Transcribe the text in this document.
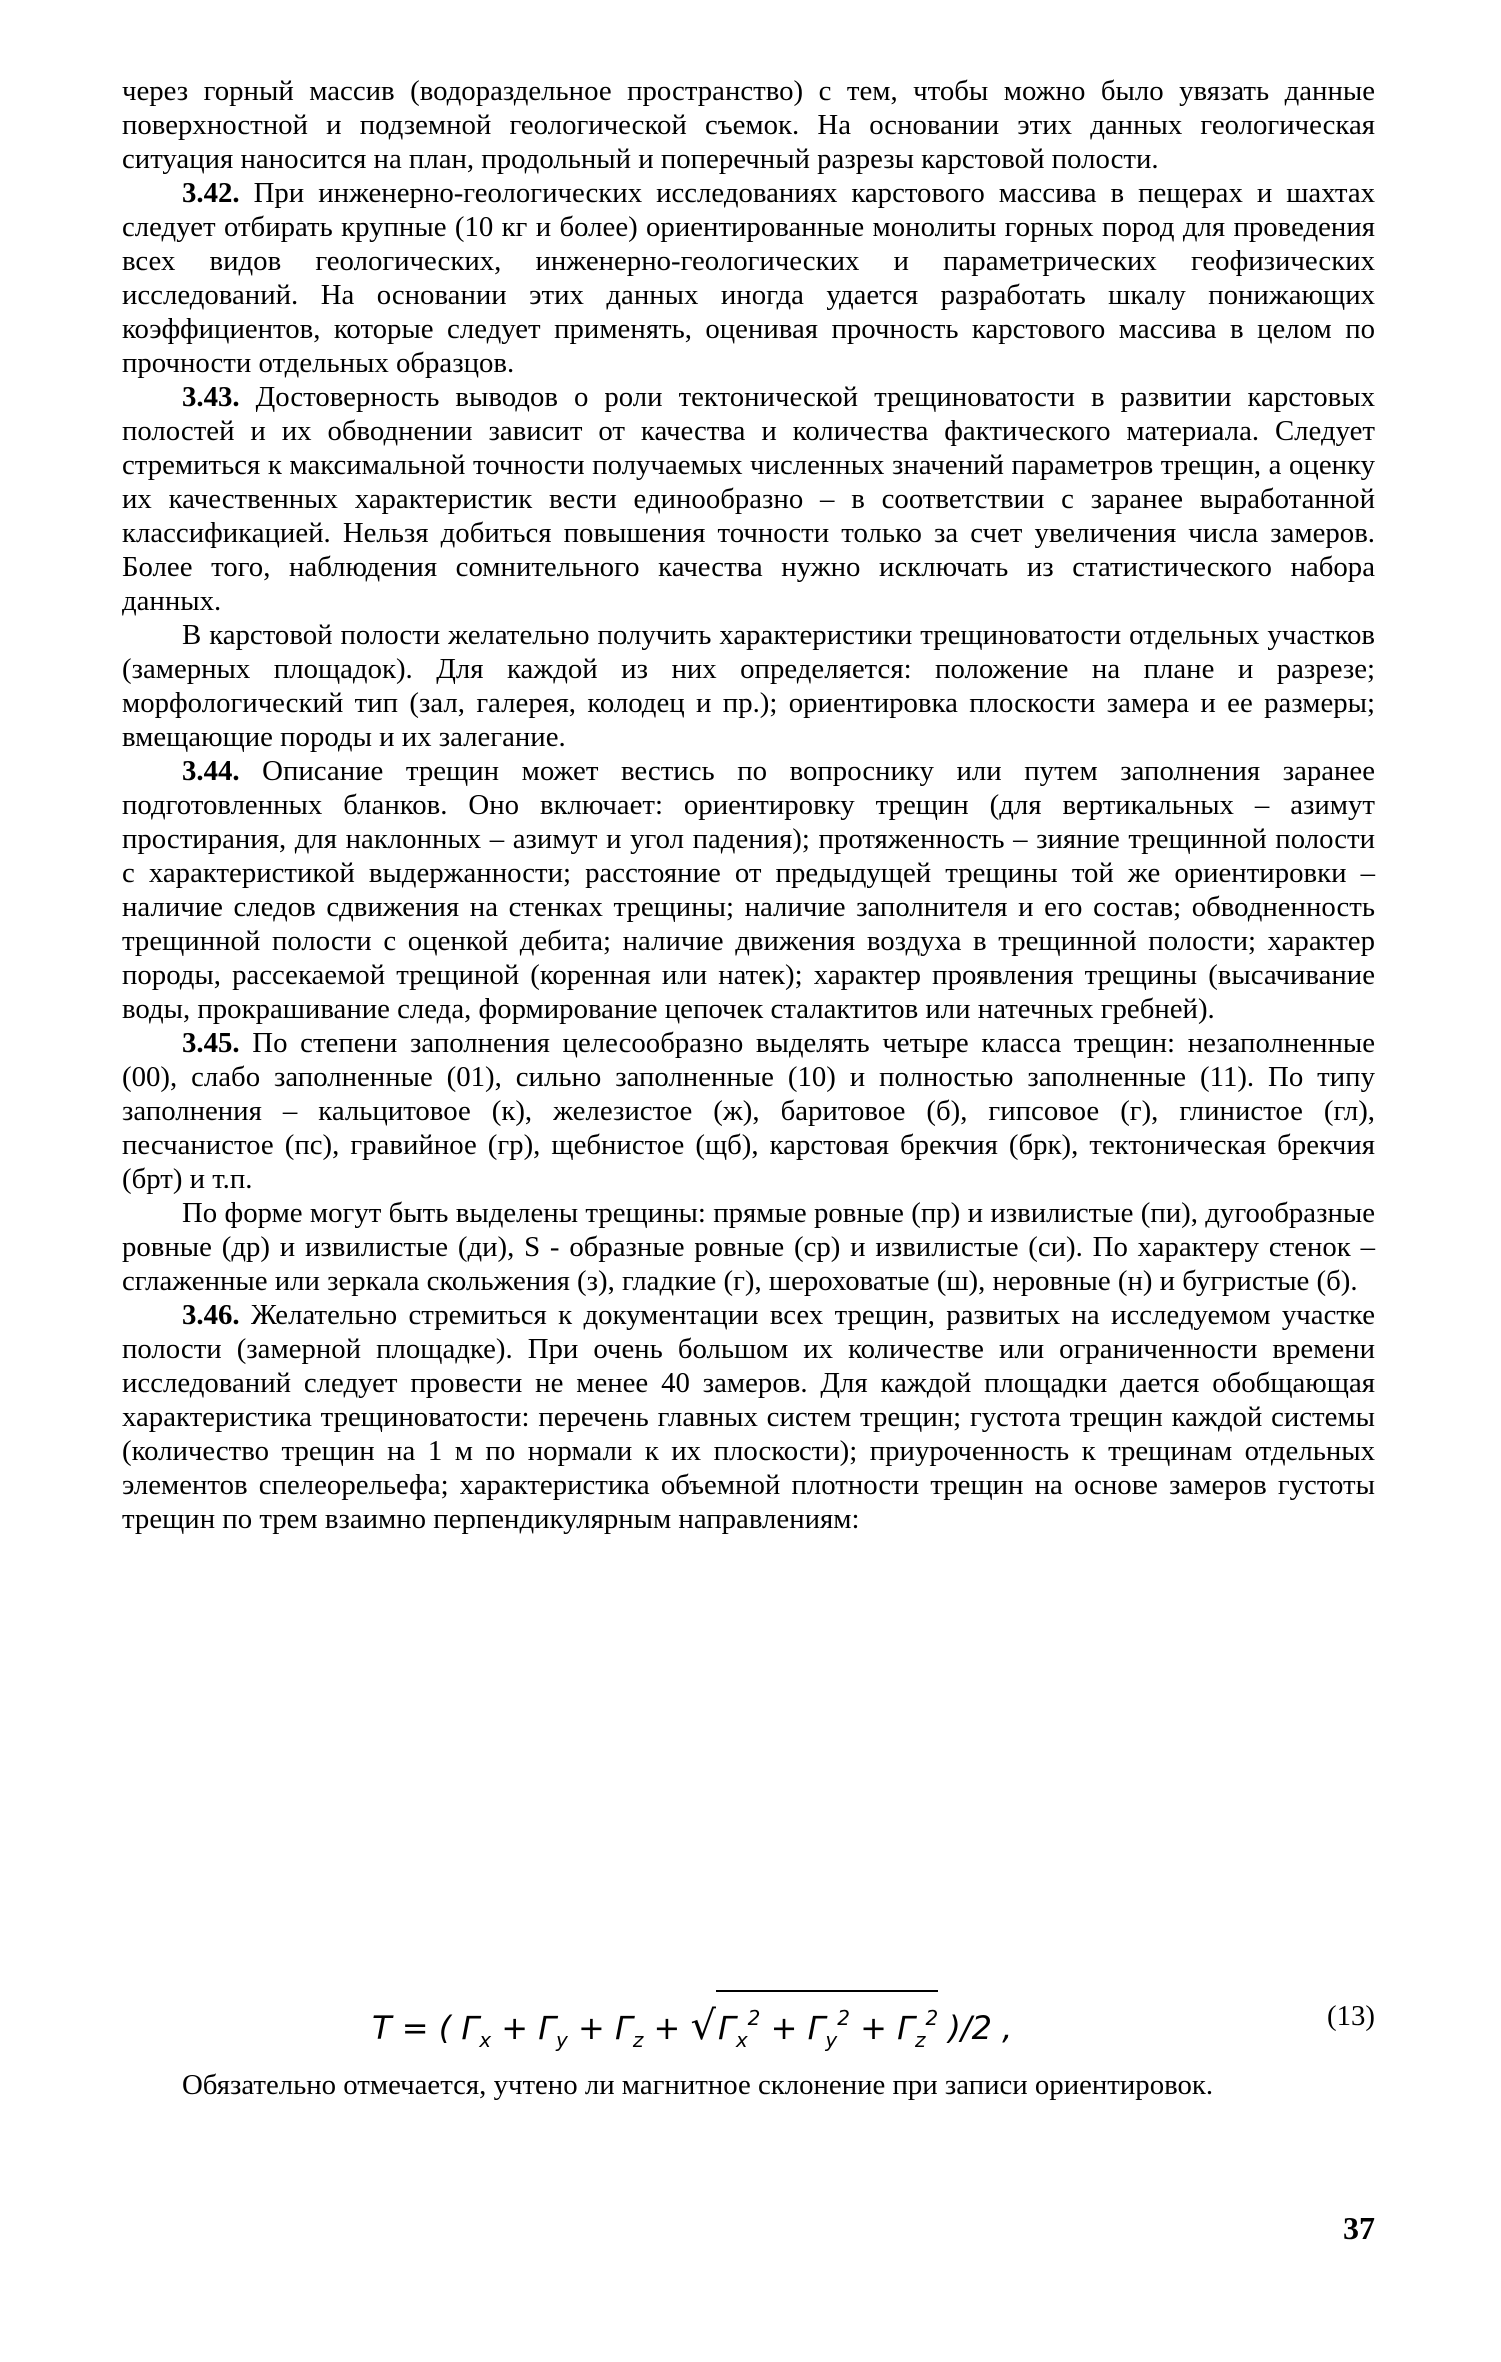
через горный массив (водораздельное пространство) с тем, чтобы можно было увязать данные поверхностной и подземной геологической съемок. На основании этих данных геологическая ситуация наносится на план, продольный и поперечный разрезы карстовой полости.

3.42. При инженерно-геологических исследованиях карстового массива в пещерах и шахтах следует отбирать крупные (10 кг и более) ориентированные монолиты горных пород для проведения всех видов геологических, инженерно-геологических и параметрических геофизических исследований. На основании этих данных иногда удается разработать шкалу понижающих коэффициентов, которые следует применять, оценивая прочность карстового массива в целом по прочности отдельных образцов.

3.43. Достоверность выводов о роли тектонической трещиноватости в развитии карстовых полостей и их обводнении зависит от качества и количества фактического материала. Следует стремиться к максимальной точности получаемых численных значений параметров трещин, а оценку их качественных характеристик вести единообразно – в соответствии с заранее выработанной классификацией. Нельзя добиться повышения точности только за счет увеличения числа замеров. Более того, наблюдения сомнительного качества нужно исключать из статистического набора данных.

В карстовой полости желательно получить характеристики трещиноватости отдельных участков (замерных площадок). Для каждой из них определяется: положение на плане и разрезе; морфологический тип (зал, галерея, колодец и пр.); ориентировка плоскости замера и ее размеры; вмещающие породы и их залегание.

3.44. Описание трещин может вестись по вопроснику или путем заполнения заранее подготовленных бланков. Оно включает: ориентировку трещин (для вертикальных – азимут простирания, для наклонных – азимут и угол падения); протяженность – зияние трещинной полости с характеристикой выдержанности; расстояние от предыдущей трещины той же ориентировки – наличие следов сдвижения на стенках трещины; наличие заполнителя и его состав; обводненность трещинной полости с оценкой дебита; наличие движения воздуха в трещинной полости; характер породы, рассекаемой трещиной (коренная или натек); характер проявления трещины (высачивание воды, прокрашивание следа, формирование цепочек сталактитов или натечных гребней).

3.45. По степени заполнения целесообразно выделять четыре класса трещин: незаполненные (00), слабо заполненные (01), сильно заполненные (10) и полностью заполненные (11). По типу заполнения – кальцитовое (к), железистое (ж), баритовое (б), гипсовое (г), глинистое (гл), песчанистое (пс), гравийное (гр), щебнистое (щб), карстовая брекчия (брк), тектоническая брекчия (брт) и т.п.

По форме могут быть выделены трещины: прямые ровные (пр) и извилистые (пи), дугообразные ровные (др) и извилистые (ди), S - образные ровные (ср) и извилистые (си). По характеру стенок – сглаженные или зеркала скольжения (з), гладкие (г), шероховатые (ш), неровные (н) и бугристые (б).

3.46. Желательно стремиться к документации всех трещин, развитых на исследуемом участке полости (замерной площадке). При очень большом их количестве или ограниченности времени исследований следует провести не менее 40 замеров. Для каждой площадки дается обобщающая характеристика трещиноватости: перечень главных систем трещин; густота трещин каждой системы (количество трещин на 1 м по нормали к их плоскости); приуроченность к трещинам отдельных элементов спелеорельефа; характеристика объемной плотности трещин на основе замеров густоты трещин по трем взаимно перпендикулярным направлениям:

T = ( $\Gamma_x + \Gamma_y + \Gamma_z + √\Gamma_x^2 + \Gamma_y^2 + \Gamma_z^2$ )/2 ,	(13)

Обязательно отмечается, учтено ли магнитное склонение при записи ориентировок.

37
